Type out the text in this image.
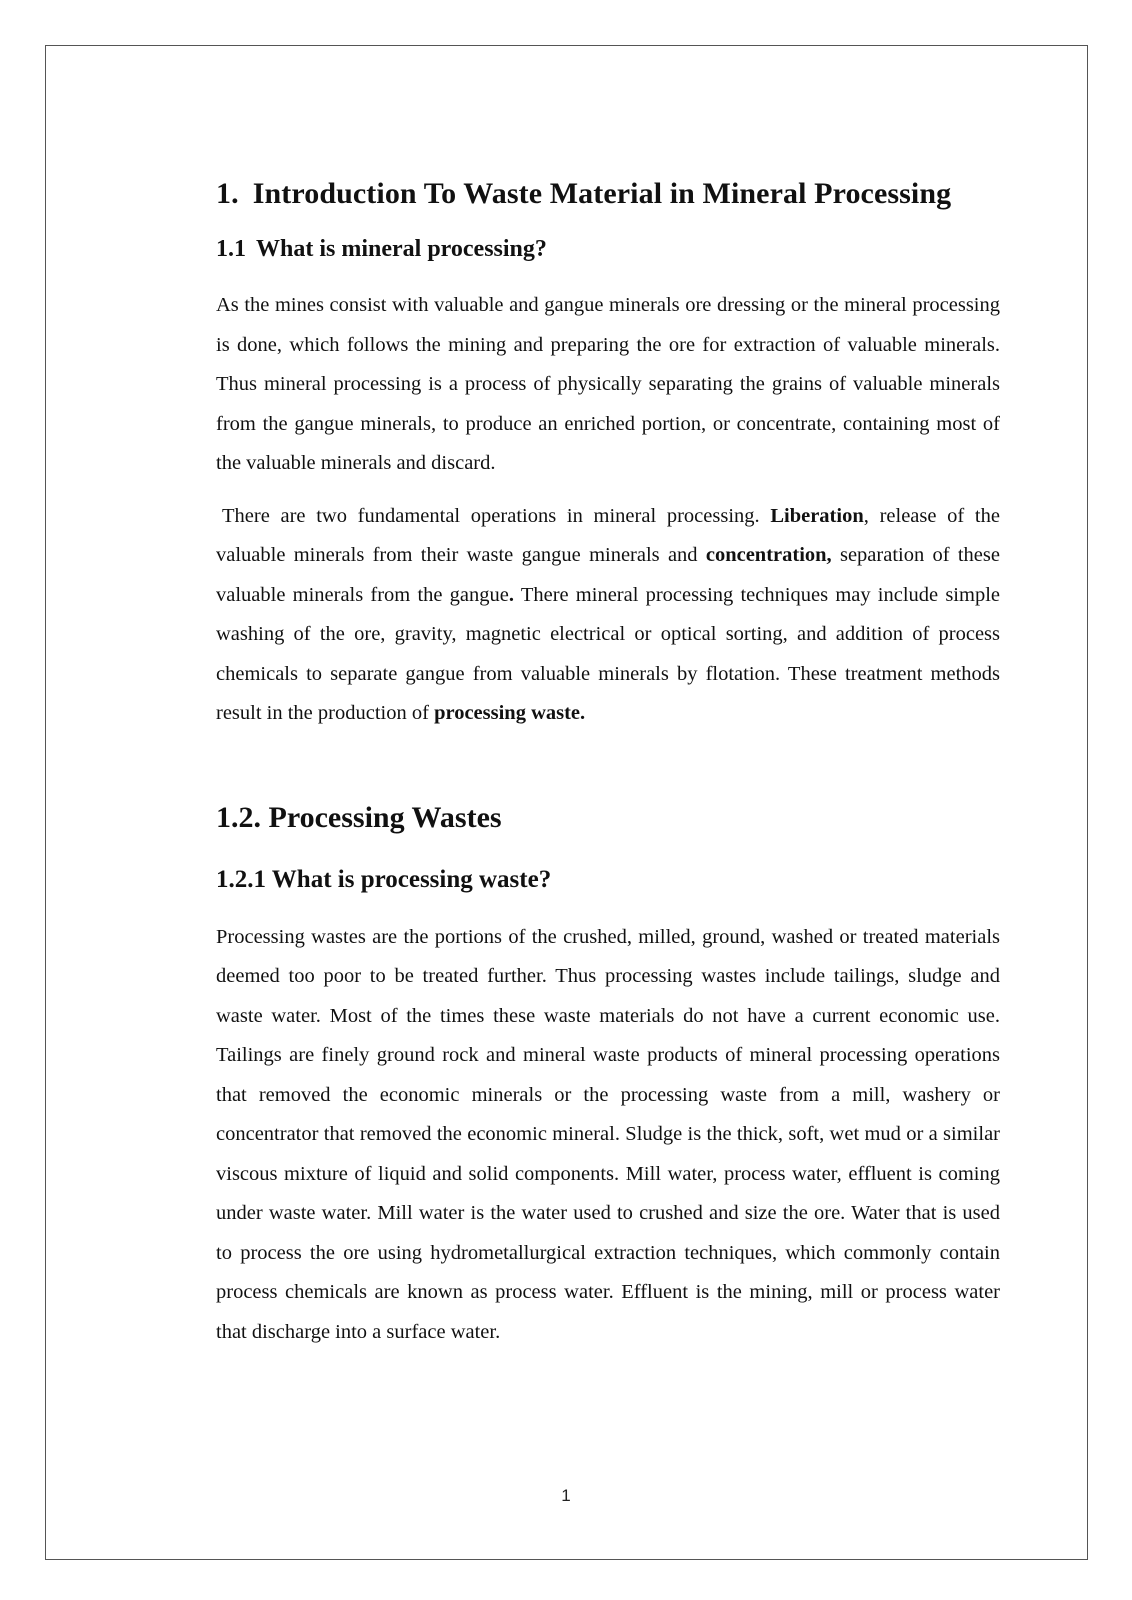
1. Introduction To Waste Material in Mineral Processing
1.1 What is mineral processing?

As the mines consist with valuable and gangue minerals ore dressing or the mineral processing is done, which follows the mining and preparing the ore for extraction of valuable minerals. Thus mineral processing is a process of physically separating the grains of valuable minerals from the gangue minerals, to produce an enriched portion, or concentrate, containing most of the valuable minerals and discard.

There are two fundamental operations in mineral processing. Liberation, release of the valuable minerals from their waste gangue minerals and concentration, separation of these valuable minerals from the gangue. There mineral processing techniques may include simple washing of the ore, gravity, magnetic electrical or optical sorting, and addition of process chemicals to separate gangue from valuable minerals by flotation. These treatment methods result in the production of processing waste.

1.2. Processing Wastes
1.2.1 What is processing waste?

Processing wastes are the portions of the crushed, milled, ground, washed or treated materials deemed too poor to be treated further. Thus processing wastes include tailings, sludge and waste water. Most of the times these waste materials do not have a current economic use. Tailings are finely ground rock and mineral waste products of mineral processing operations that removed the economic minerals or the processing waste from a mill, washery or concentrator that removed the economic mineral. Sludge is the thick, soft, wet mud or a similar viscous mixture of liquid and solid components. Mill water, process water, effluent is coming under waste water. Mill water is the water used to crushed and size the ore. Water that is used to process the ore using hydrometallurgical extraction techniques, which commonly contain process chemicals are known as process water. Effluent is the mining, mill or process water that discharge into a surface water.

1
